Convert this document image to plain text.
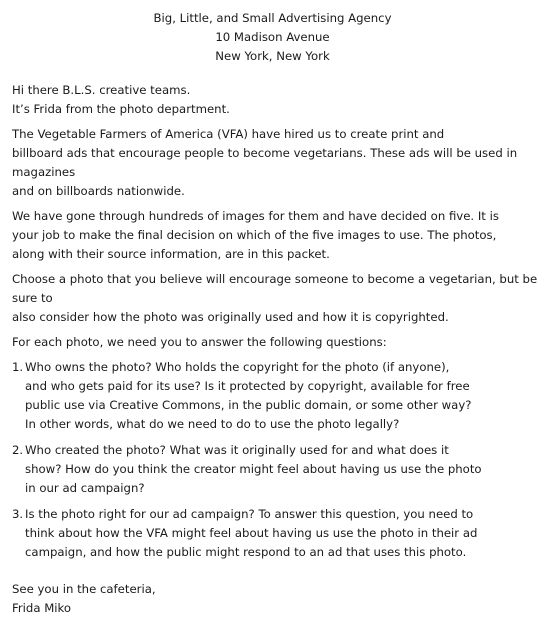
Big, Little, and Small Advertising Agency
10 Madison Avenue
New York, New York

Hi there B.L.S. creative teams.
It’s Frida from the photo department.

The Vegetable Farmers of America (VFA) have hired us to create print and
billboard ads that encourage people to become vegetarians. These ads will be used in magazines
and on billboards nationwide.

We have gone through hundreds of images for them and have decided on five. It is
your job to make the final decision on which of the five images to use. The photos,
along with their source information, are in this packet.

Choose a photo that you believe will encourage someone to become a vegetarian, but be sure to
also consider how the photo was originally used and how it is copyrighted.

For each photo, we need you to answer the following questions:

1. Who owns the photo? Who holds the copyright for the photo (if anyone),
and who gets paid for its use? Is it protected by copyright, available for free
public use via Creative Commons, in the public domain, or some other way?
In other words, what do we need to do to use the photo legally?
2. Who created the photo? What was it originally used for and what does it
show? How do you think the creator might feel about having us use the photo
in our ad campaign?
3. Is the photo right for our ad campaign? To answer this question, you need to
think about how the VFA might feel about having us use the photo in their ad
campaign, and how the public might respond to an ad that uses this photo.

See you in the cafeteria,
Frida Miko
